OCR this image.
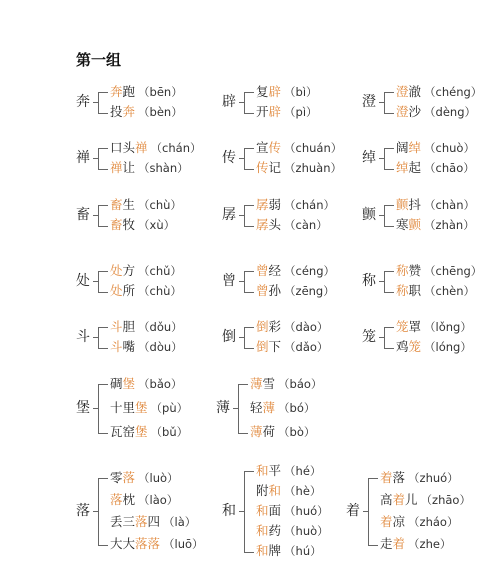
第一组
奔
奔跑 （bēn）
投奔 （bèn）
辟
复辟 （bì）
开辟 （pì）
澄
澄澈 （chéng）
澄沙 （dèng）
禅
口头禅 （chán）
禅让 （shàn）
传
宣传 （chuán）
传记 （zhuàn）
绰
阔绰 （chuò）
绰起 （chāo）
畜
畜生 （chù）
畜牧 （xù）
孱
孱弱 （chán）
孱头 （càn）
颤
颤抖 （chàn）
寒颤 （zhàn）
处
处方 （chǔ）
处所 （chù）
曾
曾经 （céng）
曾孙 （zēng）
称
称赞 （chēng）
称职 （chèn）
斗
斗胆 （dǒu）
斗嘴 （dòu）
倒
倒彩 （dào）
倒下 （dǎo）
笼
笼罩 （lǒng）
鸡笼 （lóng）
堡
碉堡 （bǎo）
十里堡 （pù）
瓦窑堡 （bǔ）
薄
薄雪 （báo）
轻薄 （bó）
薄荷 （bò）
落
零落 （luò）
落枕 （lào）
丢三落四 （là）
大大落落 （luō）
和
和平 （hé）
附和 （hè）
和面 （huó）
和药 （huò）
和牌 （hú）
着
着落 （zhuó）
高着儿 （zhāo）
着凉 （zháo）
走着 （zhe）
